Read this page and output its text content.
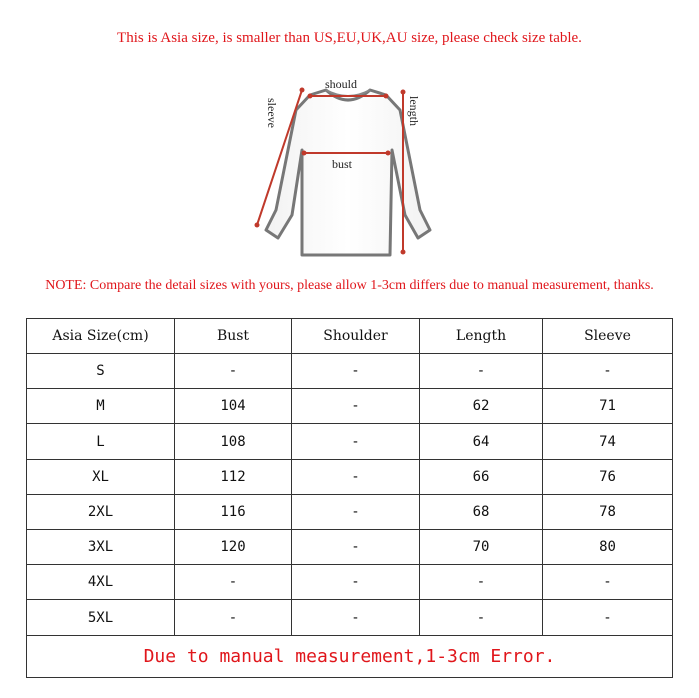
This is Asia size, is smaller than US,EU,UK,AU size, please check size table.
should
bust
length
sleeve
NOTE: Compare the detail sizes with yours, please allow 1-3cm differs due to manual measurement, thanks.
Asia Size(cm)	Bust	Shoulder	Length	Sleeve
S	-	-	-	-
M	104	-	62	71
L	108	-	64	74
XL	112	-	66	76
2XL	116	-	68	78
3XL	120	-	70	80
4XL	-	-	-	-
5XL	-	-	-	-
Due to manual measurement,1-3cm Error.				
